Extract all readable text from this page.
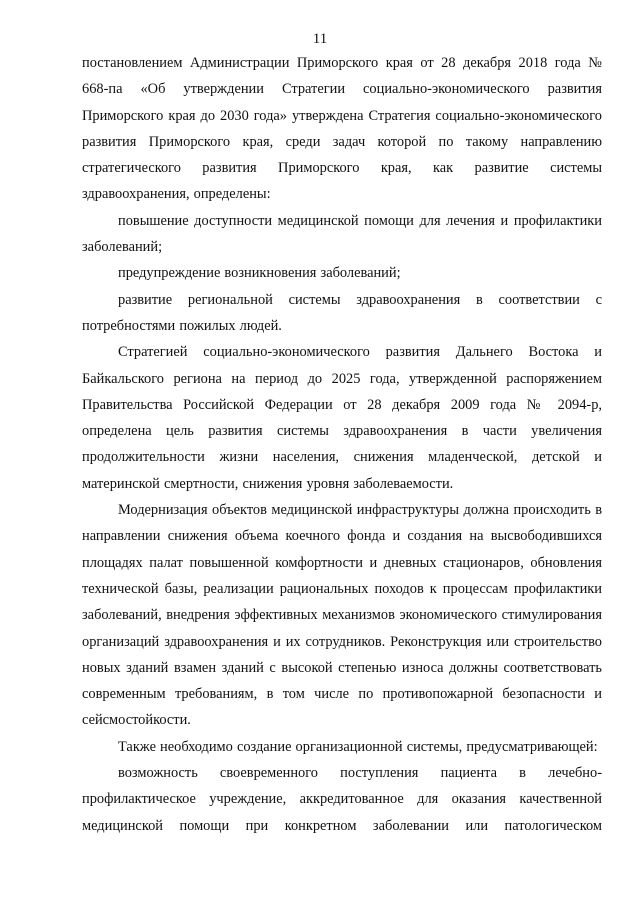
11

постановлением Администрации Приморского края от 28 декабря 2018 года № 668-па «Об утверждении Стратегии социально-экономического развития Приморского края до 2030 года» утверждена Стратегия социально-экономического развития Приморского края, среди задач которой по такому направлению стратегического развития Приморского края, как развитие системы здравоохранения, определены:

повышение доступности медицинской помощи для лечения и профилактики заболеваний;

предупреждение возникновения заболеваний;

развитие региональной системы здравоохранения в соответствии с потребностями пожилых людей.

Стратегией социально-экономического развития Дальнего Востока и Байкальского региона на период до 2025 года, утвержденной распоряжением Правительства Российской Федерации от 28 декабря 2009 года № 2094-р, определена цель развития системы здравоохранения в части увеличения продолжительности жизни населения, снижения младенческой, детской и материнской смертности, снижения уровня заболеваемости.

Модернизация объектов медицинской инфраструктуры должна происходить в направлении снижения объема коечного фонда и создания на высвободившихся площадях палат повышенной комфортности и дневных стационаров, обновления технической базы, реализации рациональных походов к процессам профилактики заболеваний, внедрения эффективных механизмов экономического стимулирования организаций здравоохранения и их сотрудников. Реконструкция или строительство новых зданий взамен зданий с высокой степенью износа должны соответствовать современным требованиям, в том числе по противопожарной безопасности и сейсмостойкости.

Также необходимо создание организационной системы, предусматривающей:

возможность своевременного поступления пациента в лечебно-профилактическое учреждение, аккредитованное для оказания качественной медицинской помощи при конкретном заболевании или патологическом
